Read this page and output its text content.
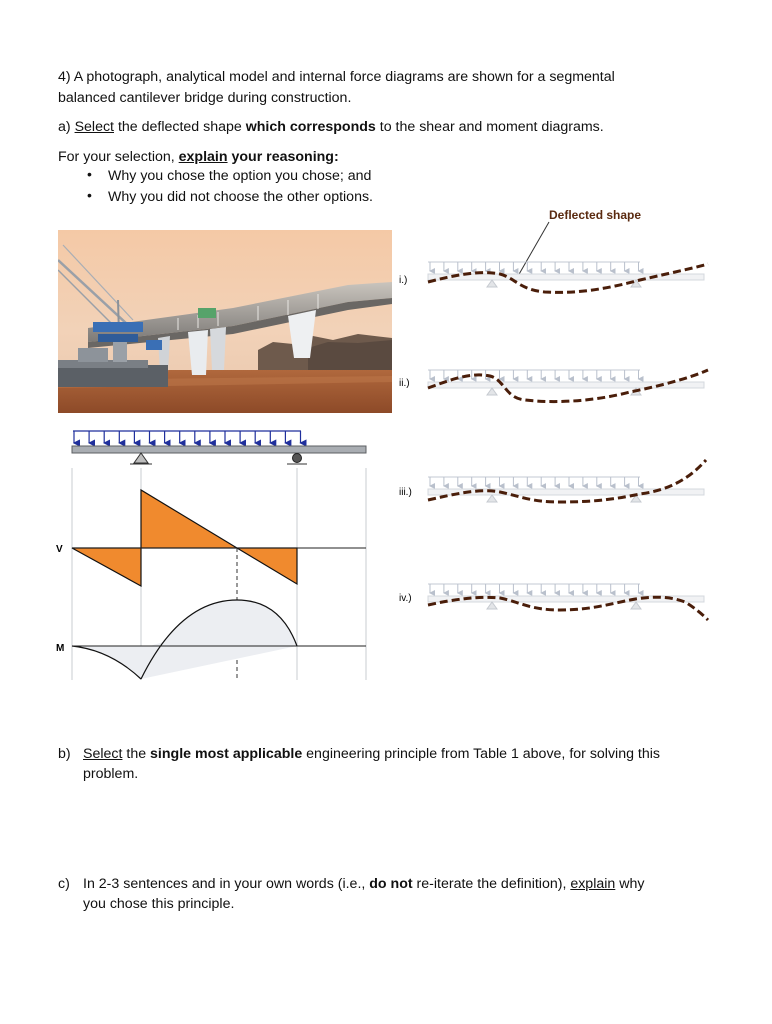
4) A photograph, analytical model and internal force diagrams are shown for a segmental
balanced cantilever bridge during construction.
a) Select the deflected shape which corresponds to the shear and moment diagrams.
For your selection, explain your reasoning:
• Why you chose the option you chose; and
• Why you did not choose the other options.
V
M
Deflected shape
i.)
ii.)
iii.)
iv.)
b) Select the single most applicable engineering principle from Table 1 above, for solving this
problem.
c) In 2-3 sentences and in your own words (i.e., do not re-iterate the definition), explain why
you chose this principle.
